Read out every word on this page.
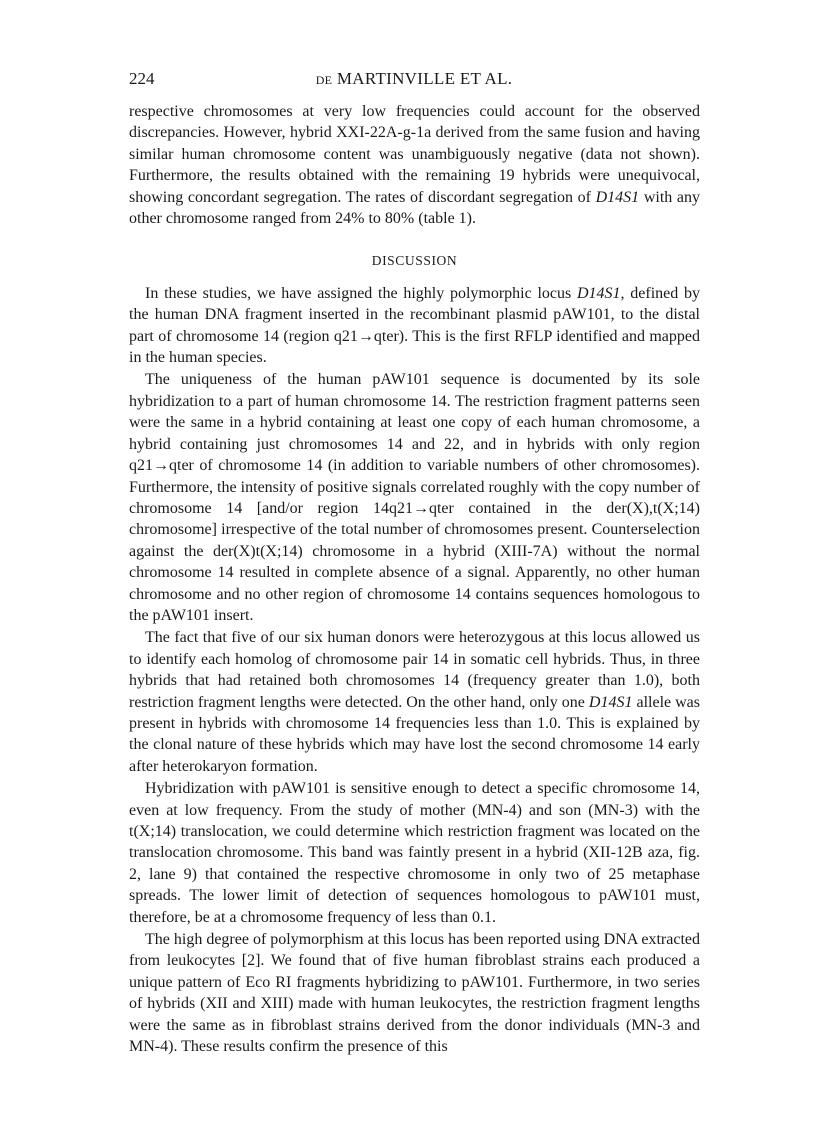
224	de MARTINVILLE ET AL.

respective chromosomes at very low frequencies could account for the observed discrepancies. However, hybrid XXI-22A-g-1a derived from the same fusion and having similar human chromosome content was unambiguously negative (data not shown). Furthermore, the results obtained with the remaining 19 hybrids were unequivocal, showing concordant segregation. The rates of discordant segregation of D14S1 with any other chromosome ranged from 24% to 80% (table 1).

DISCUSSION

In these studies, we have assigned the highly polymorphic locus D14S1, defined by the human DNA fragment inserted in the recombinant plasmid pAW101, to the distal part of chromosome 14 (region q21→qter). This is the first RFLP identified and mapped in the human species.

The uniqueness of the human pAW101 sequence is documented by its sole hybridization to a part of human chromosome 14. The restriction fragment patterns seen were the same in a hybrid containing at least one copy of each human chromosome, a hybrid containing just chromosomes 14 and 22, and in hybrids with only region q21→qter of chromosome 14 (in addition to variable numbers of other chromosomes). Furthermore, the intensity of positive signals correlated roughly with the copy number of chromosome 14 [and/or region 14q21→qter contained in the der(X),t(X;14) chromosome] irrespective of the total number of chromosomes present. Counterselection against the der(X)t(X;14) chromosome in a hybrid (XIII-7A) without the normal chromosome 14 resulted in complete absence of a signal. Apparently, no other human chromosome and no other region of chromosome 14 contains sequences homologous to the pAW101 insert.

The fact that five of our six human donors were heterozygous at this locus allowed us to identify each homolog of chromosome pair 14 in somatic cell hybrids. Thus, in three hybrids that had retained both chromosomes 14 (frequency greater than 1.0), both restriction fragment lengths were detected. On the other hand, only one D14S1 allele was present in hybrids with chromosome 14 frequencies less than 1.0. This is explained by the clonal nature of these hybrids which may have lost the second chromosome 14 early after heterokaryon formation.

Hybridization with pAW101 is sensitive enough to detect a specific chromosome 14, even at low frequency. From the study of mother (MN-4) and son (MN-3) with the t(X;14) translocation, we could determine which restriction fragment was located on the translocation chromosome. This band was faintly present in a hybrid (XII-12B aza, fig. 2, lane 9) that contained the respective chromosome in only two of 25 metaphase spreads. The lower limit of detection of sequences homologous to pAW101 must, therefore, be at a chromosome frequency of less than 0.1.

The high degree of polymorphism at this locus has been reported using DNA extracted from leukocytes [2]. We found that of five human fibroblast strains each produced a unique pattern of Eco RI fragments hybridizing to pAW101. Furthermore, in two series of hybrids (XII and XIII) made with human leukocytes, the restriction fragment lengths were the same as in fibroblast strains derived from the donor individuals (MN-3 and MN-4). These results confirm the presence of this
